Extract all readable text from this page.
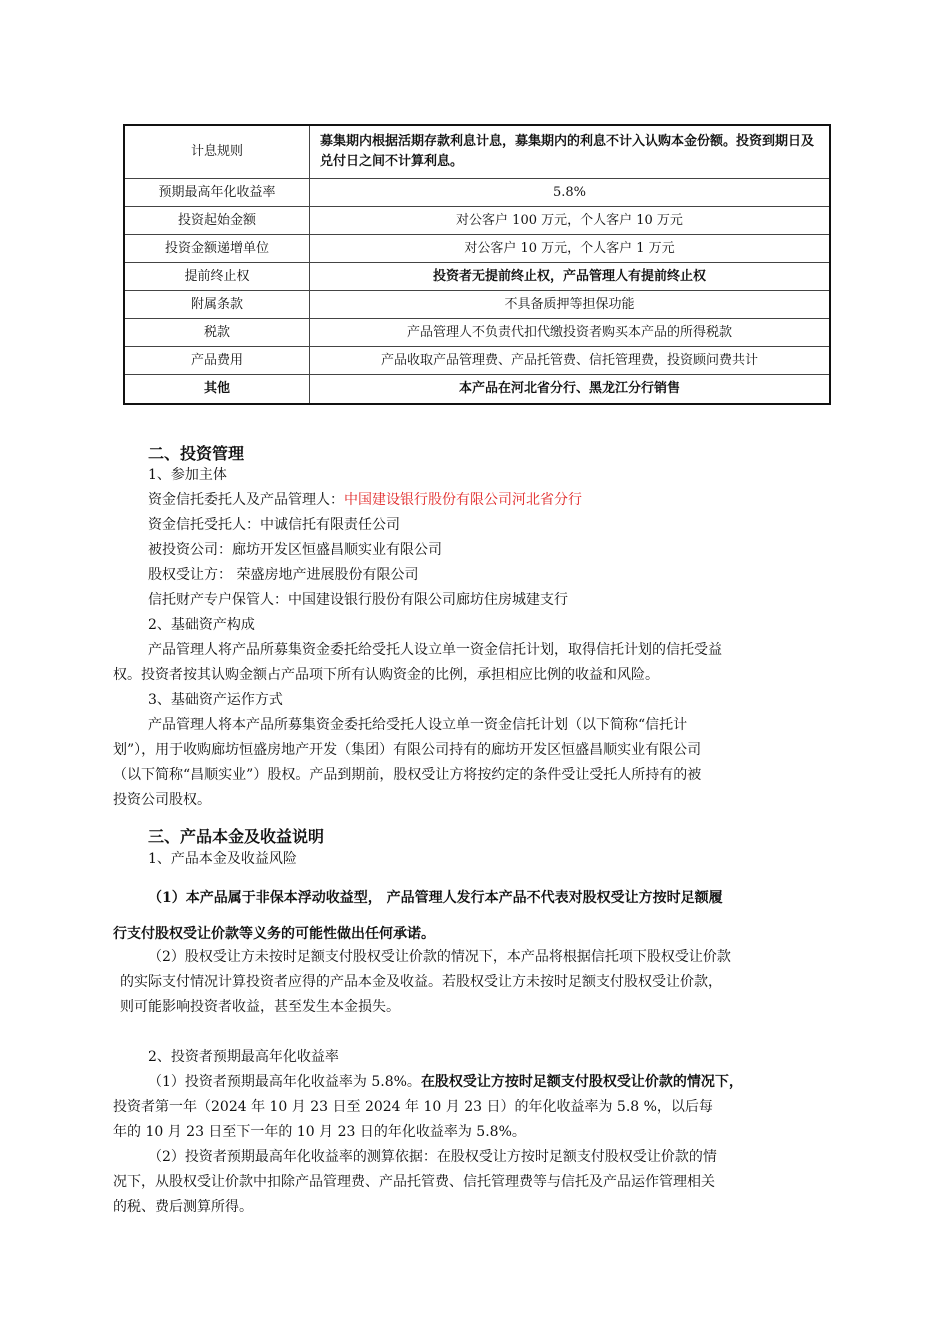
计息规则	募集期内根据活期存款利息计息，募集期内的利息不计入认购本金份额。投资到期日及兑付日之间不计算利息。
预期最高年化收益率	5.8%
投资起始金额	对公客户 100 万元，个人客户 10 万元
投资金额递增单位	对公客户 10 万元，个人客户 1 万元
提前终止权	投资者无提前终止权，产品管理人有提前终止权
附属条款	不具备质押等担保功能
税款	产品管理人不负责代扣代缴投资者购买本产品的所得税款
产品费用	产品收取产品管理费、产品托管费、信托管理费，投资顾问费共计
其他	本产品在河北省分行、黑龙江分行销售
二、投资管理
1、参加主体
资金信托委托人及产品管理人：中国建设银行股份有限公司河北省分行
资金信托受托人：中诚信托有限责任公司
被投资公司：廊坊开发区恒盛昌顺实业有限公司
股权受让方： 荣盛房地产进展股份有限公司
信托财产专户保管人：中国建设银行股份有限公司廊坊住房城建支行
2、基础资产构成
产品管理人将产品所募集资金委托给受托人设立单一资金信托计划，取得信托计划的信托受益
权。投资者按其认购金额占产品项下所有认购资金的比例，承担相应比例的收益和风险。
3、基础资产运作方式
产品管理人将本产品所募集资金委托给受托人设立单一资金信托计划（以下简称“信托计
划”），用于收购廊坊恒盛房地产开发（集团）有限公司持有的廊坊开发区恒盛昌顺实业有限公司
（以下简称“昌顺实业”）股权。产品到期前，股权受让方将按约定的条件受让受托人所持有的被
投资公司股权。
三、产品本金及收益说明
1、产品本金及收益风险
（1）本产品属于非保本浮动收益型， 产品管理人发行本产品不代表对股权受让方按时足额履
行支付股权受让价款等义务的可能性做出任何承诺。
（2）股权受让方未按时足额支付股权受让价款的情况下，本产品将根据信托项下股权受让价款
的实际支付情况计算投资者应得的产品本金及收益。若股权受让方未按时足额支付股权受让价款，
则可能影响投资者收益，甚至发生本金损失。
2、投资者预期最高年化收益率
（1）投资者预期最高年化收益率为 5.8%。在股权受让方按时足额支付股权受让价款的情况下，
投资者第一年（2024 年 10 月 23 日至 2024 年 10 月 23 日）的年化收益率为 5.8 %，以后每
年的 10 月 23 日至下一年的 10 月 23 日的年化收益率为 5.8%。
（2）投资者预期最高年化收益率的测算依据：在股权受让方按时足额支付股权受让价款的情
况下，从股权受让价款中扣除产品管理费、产品托管费、信托管理费等与信托及产品运作管理相关
的税、费后测算所得。
